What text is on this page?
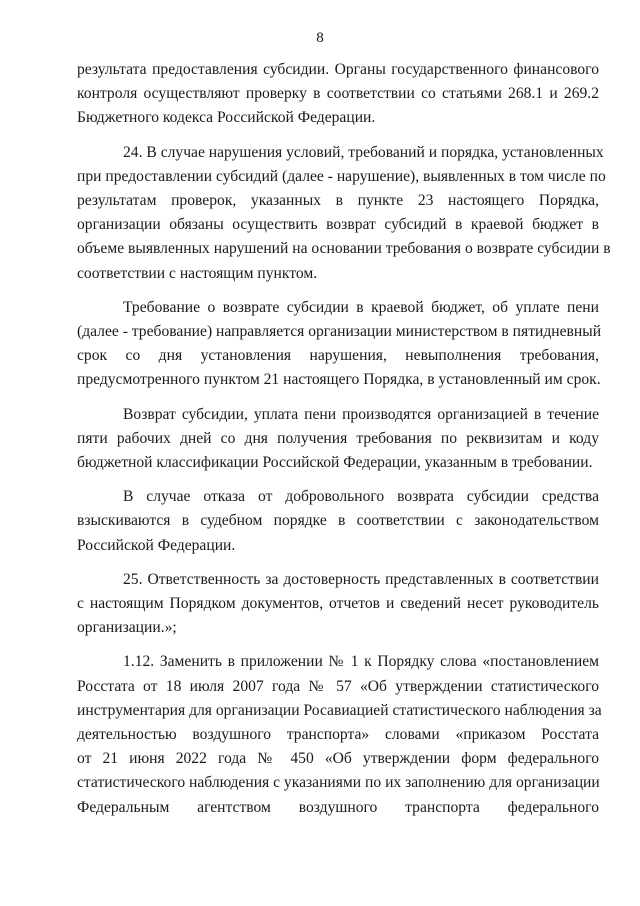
8
результата предоставления субсидии. Органы государственного финансового
контроля осуществляют проверку в соответствии со статьями 268.1 и 269.2
Бюджетного кодекса Российской Федерации.
24. В случае нарушения условий, требований и порядка, установленных
при предоставлении субсидий (далее - нарушение), выявленных в том числе по
результатам проверок, указанных в пункте 23 настоящего Порядка,
организации обязаны осуществить возврат субсидий в краевой бюджет в
объеме выявленных нарушений на основании требования о возврате субсидии в
соответствии с настоящим пунктом.
Требование о возврате субсидии в краевой бюджет, об уплате пени
(далее - требование) направляется организации министерством в пятидневный
срок со дня установления нарушения, невыполнения требования,
предусмотренного пунктом 21 настоящего Порядка, в установленный им срок.
Возврат субсидии, уплата пени производятся организацией в течение
пяти рабочих дней со дня получения требования по реквизитам и коду
бюджетной классификации Российской Федерации, указанным в требовании.
В случае отказа от добровольного возврата субсидии средства
взыскиваются в судебном порядке в соответствии с законодательством
Российской Федерации.
25. Ответственность за достоверность представленных в соответствии
с настоящим Порядком документов, отчетов и сведений несет руководитель
организации.»;
1.12. Заменить в приложении № 1 к Порядку слова «постановлением
Росстата от 18 июля 2007 года № 57 «Об утверждении статистического
инструментария для организации Росавиацией статистического наблюдения за
деятельностью воздушного транспорта» словами «приказом Росстата
от 21 июня 2022 года № 450 «Об утверждении форм федерального
статистического наблюдения с указаниями по их заполнению для организации
Федеральным агентством воздушного транспорта федерального
